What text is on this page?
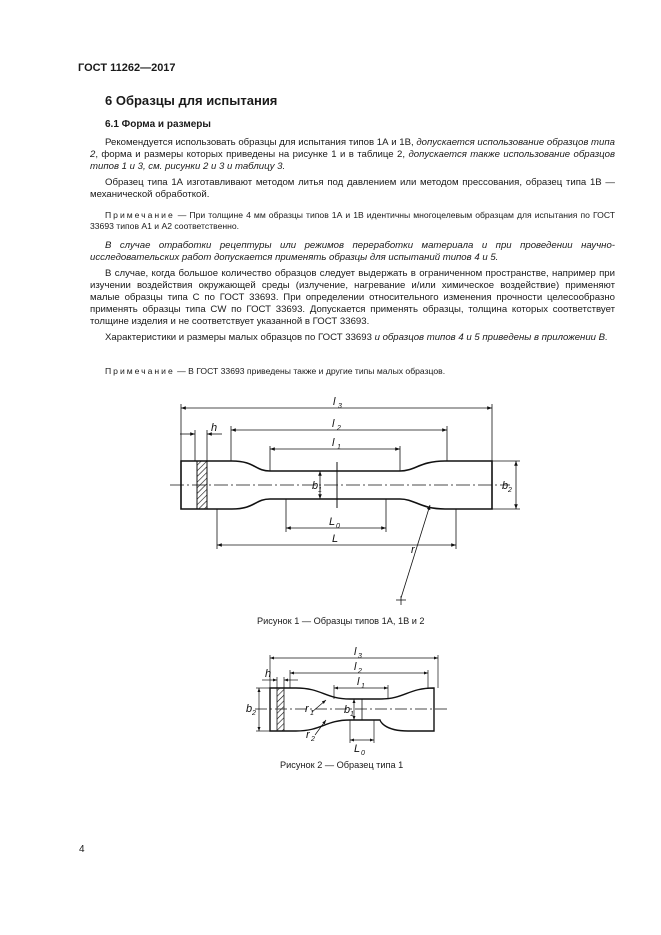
ГОСТ 11262—2017
6 Образцы для испытания
6.1 Форма и размеры

Рекомендуется использовать образцы для испытания типов 1А и 1В, допускается использование образцов типа 2, форма и размеры которых приведены на рисунке 1 и в таблице 2, допускается также использование образцов типов 1 и 3, см. рисунки 2 и 3 и таблицу 3.

Образец типа 1А изготавливают методом литья под давлением или методом прессования, образец типа 1В — механической обработкой.

Примечание — При толщине 4 мм образцы типов 1А и 1В идентичны многоцелевым образцам для испытания по ГОСТ 33693 типов А1 и А2 соответственно.

В случае отработки рецептуры или режимов переработки материала и при проведении научно-исследовательских работ допускается применять образцы для испытаний типов 4 и 5.

В случае, когда большое количество образцов следует выдержать в ограниченном пространстве, например при изучении воздействия окружающей среды (излучение, нагревание и/или химическое воздействие) применяют малые образцы типа С по ГОСТ 33693. При определении относительного изменения прочности целесообразно применять образцы типа CW по ГОСТ 33693. Допускается применять образцы, толщина которых соответствует толщине изделия и не соответствует указанной в ГОСТ 33693.

Характеристики и размеры малых образцов по ГОСТ 33693 и образцов типов 4 и 5 приведены в приложении В.

Примечание — В ГОСТ 33693 приведены также и другие типы малых образцов.

l 3
l 2
l 1
h
L 0
L
b 1	b 2
r
l 3
l 2
l 1
h
b 2	b 1
L 0
r 2
r 1
Рисунок 1 — Образцы типов 1А, 1В и 2
Рисунок 2 — Образец типа 1
4
